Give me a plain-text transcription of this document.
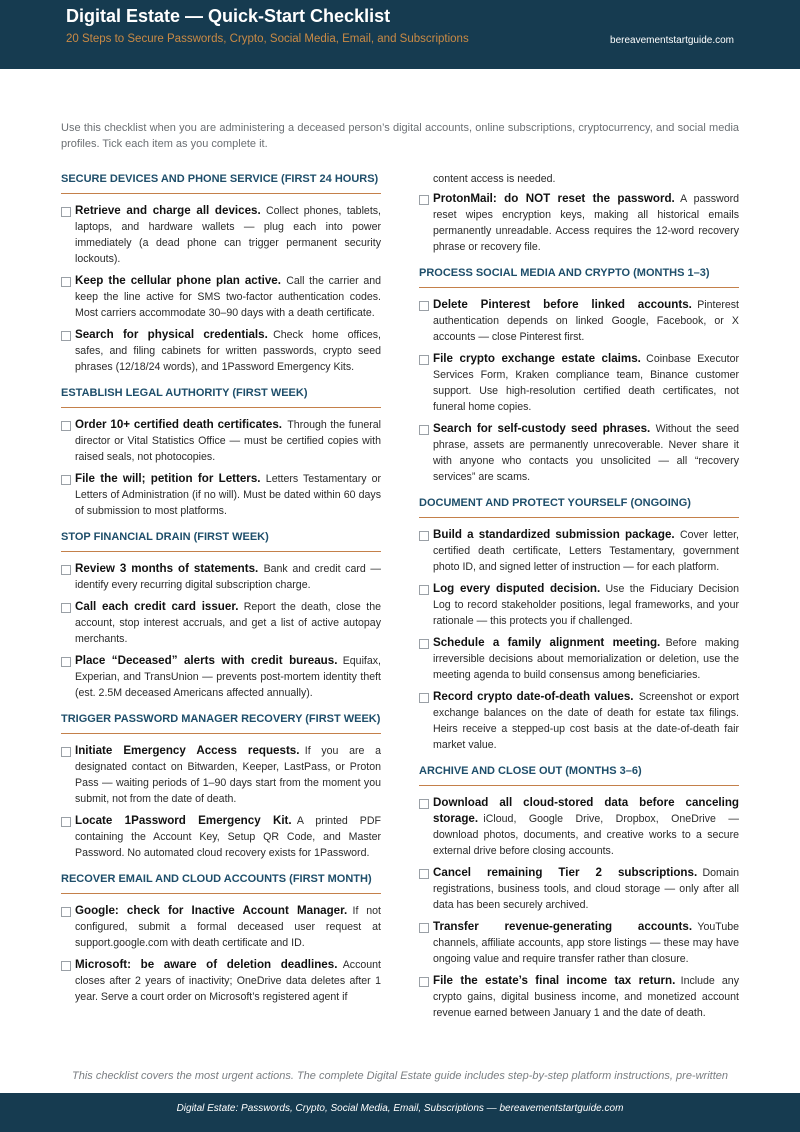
Digital Estate — Quick-Start Checklist
20 Steps to Secure Passwords, Crypto, Social Media, Email, and Subscriptions	bereavementstartguide.com
Use this checklist when you are administering a deceased person’s digital accounts, online subscriptions, cryptocurrency, and social media profiles. Tick each item as you complete it.
SECURE DEVICES AND PHONE SERVICE (FIRST 24 HOURS)
Retrieve and charge all devices.  Collect phones, tablets, laptops, and hardware wallets — plug each into power immediately (a dead phone can trigger permanent security lockouts).
Keep the cellular phone plan active.  Call the carrier and keep the line active for SMS two-factor authentication codes. Most carriers accommodate 30–90 days with a death certificate.
Search for physical credentials.  Check home offices, safes, and filing cabinets for written passwords, crypto seed phrases (12/18/24 words), and 1Password Emergency Kits.
ESTABLISH LEGAL AUTHORITY (FIRST WEEK)
Order 10+ certified death certificates.  Through the funeral director or Vital Statistics Office — must be certified copies with raised seals, not photocopies.
File the will; petition for Letters.  Letters Testamentary or Letters of Administration (if no will). Must be dated within 60 days of submission to most platforms.
STOP FINANCIAL DRAIN (FIRST WEEK)
Review 3 months of statements.  Bank and credit card — identify every recurring digital subscription charge.
Call each credit card issuer.  Report the death, close the account, stop interest accruals, and get a list of active autopay merchants.
Place “Deceased” alerts with credit bureaus.  Equifax, Experian, and TransUnion — prevents post-mortem identity theft (est. 2.5M deceased Americans affected annually).
TRIGGER PASSWORD MANAGER RECOVERY (FIRST WEEK)
Initiate Emergency Access requests.  If you are a designated contact on Bitwarden, Keeper, LastPass, or Proton Pass — waiting periods of 1–90 days start from the moment you submit, not from the date of death.
Locate 1Password Emergency Kit.  A printed PDF containing the Account Key, Setup QR Code, and Master Password. No automated cloud recovery exists for 1Password.
RECOVER EMAIL AND CLOUD ACCOUNTS (FIRST MONTH)
Google: check for Inactive Account Manager.  If not configured, submit a formal deceased user request at support.google.com with death certificate and ID.
Microsoft: be aware of deletion deadlines.  Account closes after 2 years of inactivity; OneDrive data deletes after 1 year. Serve a court order on Microsoft’s registered agent if
content access is needed.
ProtonMail: do NOT reset the password.  A password reset wipes encryption keys, making all historical emails permanently unreadable. Access requires the 12-word recovery phrase or recovery file.
PROCESS SOCIAL MEDIA AND CRYPTO (MONTHS 1–3)
Delete Pinterest before linked accounts.  Pinterest authentication depends on linked Google, Facebook, or X accounts — close Pinterest first.
File crypto exchange estate claims.  Coinbase Executor Services Form, Kraken compliance team, Binance customer support. Use high-resolution certified death certificates, not funeral home copies.
Search for self-custody seed phrases.  Without the seed phrase, assets are permanently unrecoverable. Never share it with anyone who contacts you unsolicited — all “recovery services” are scams.
DOCUMENT AND PROTECT YOURSELF (ONGOING)
Build a standardized submission package.  Cover letter, certified death certificate, Letters Testamentary, government photo ID, and signed letter of instruction — for each platform.
Log every disputed decision.  Use the Fiduciary Decision Log to record stakeholder positions, legal frameworks, and your rationale — this protects you if challenged.
Schedule a family alignment meeting.  Before making irreversible decisions about memorialization or deletion, use the meeting agenda to build consensus among beneficiaries.
Record crypto date-of-death values.  Screenshot or export exchange balances on the date of death for estate tax filings. Heirs receive a stepped-up cost basis at the date-of-death fair market value.
ARCHIVE AND CLOSE OUT (MONTHS 3–6)
Download all cloud-stored data before canceling storage.  iCloud, Google Drive, Dropbox, OneDrive — download photos, documents, and creative works to a secure external drive before closing accounts.
Cancel remaining Tier 2 subscriptions.  Domain registrations, business tools, and cloud storage — only after all data has been securely archived.
Transfer revenue-generating accounts.  YouTube channels, affiliate accounts, app store listings — these may have ongoing value and require transfer rather than closure.
File the estate’s final income tax return.  Include any crypto gains, digital business income, and monetized account revenue earned between January 1 and the date of death.
This checklist covers the most urgent actions. The complete Digital Estate guide includes step-by-step platform instructions, pre-written
Digital Estate: Passwords, Crypto, Social Media, Email, Subscriptions — bereavementstartguide.com
